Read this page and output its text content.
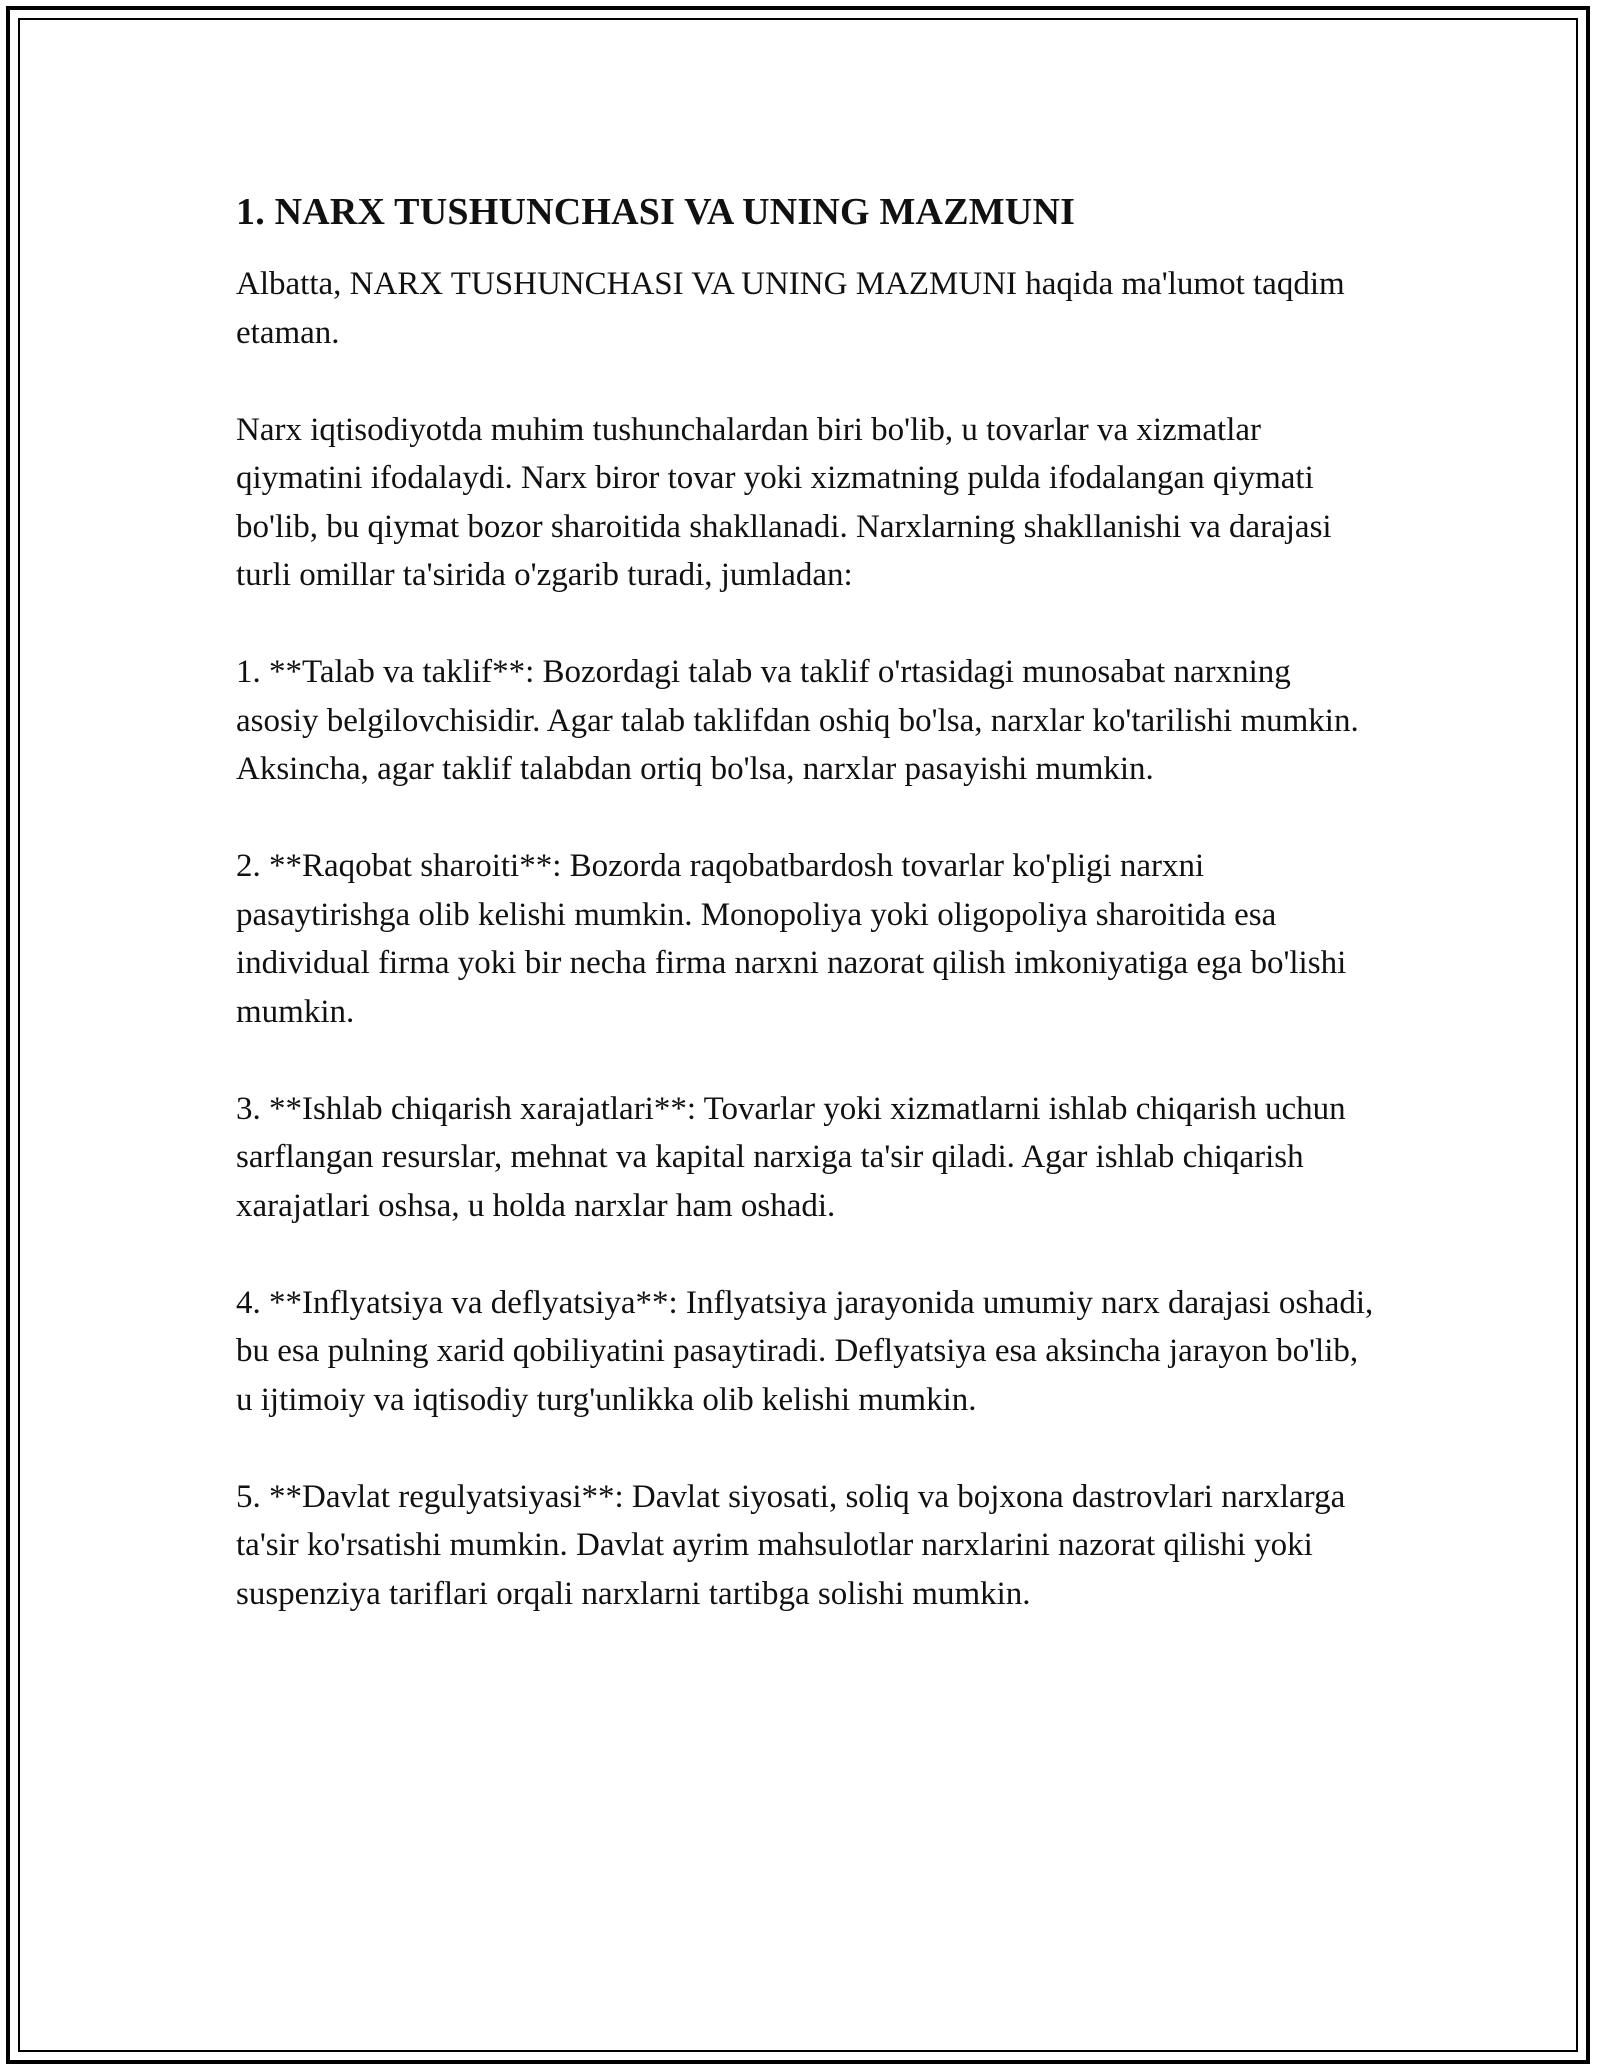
1. NARX TUSHUNCHASI VA UNING MAZMUNI

Albatta, NARX TUSHUNCHASI VA UNING MAZMUNI haqida ma'lumot taqdim etaman.

Narx iqtisodiyotda muhim tushunchalardan biri bo'lib, u tovarlar va xizmatlar qiymatini ifodalaydi. Narx biror tovar yoki xizmatning pulda ifodalangan qiymati bo'lib, bu qiymat bozor sharoitida shakllanadi. Narxlarning shakllanishi va darajasi turli omillar ta'sirida o'zgarib turadi, jumladan:

1. **Talab va taklif**: Bozordagi talab va taklif o'rtasidagi munosabat narxning asosiy belgilovchisidir. Agar talab taklifdan oshiq bo'lsa, narxlar ko'tarilishi mumkin. Aksincha, agar taklif talabdan ortiq bo'lsa, narxlar pasayishi mumkin.

2. **Raqobat sharoiti**: Bozorda raqobatbardosh tovarlar ko'pligi narxni pasaytirishga olib kelishi mumkin. Monopoliya yoki oligopoliya sharoitida esa individual firma yoki bir necha firma narxni nazorat qilish imkoniyatiga ega bo'lishi mumkin.

3. **Ishlab chiqarish xarajatlari**: Tovarlar yoki xizmatlarni ishlab chiqarish uchun sarflangan resurslar, mehnat va kapital narxiga ta'sir qiladi. Agar ishlab chiqarish xarajatlari oshsa, u holda narxlar ham oshadi.

4. **Inflyatsiya va deflyatsiya**: Inflyatsiya jarayonida umumiy narx darajasi oshadi, bu esa pulning xarid qobiliyatini pasaytiradi. Deflyatsiya esa aksincha jarayon bo'lib, u ijtimoiy va iqtisodiy turg'unlikka olib kelishi mumkin.

5. **Davlat regulyatsiyasi**: Davlat siyosati, soliq va bojxona dastrovlari narxlarga ta'sir ko'rsatishi mumkin. Davlat ayrim mahsulotlar narxlarini nazorat qilishi yoki suspenziya tariflari orqali narxlarni tartibga solishi mumkin.
